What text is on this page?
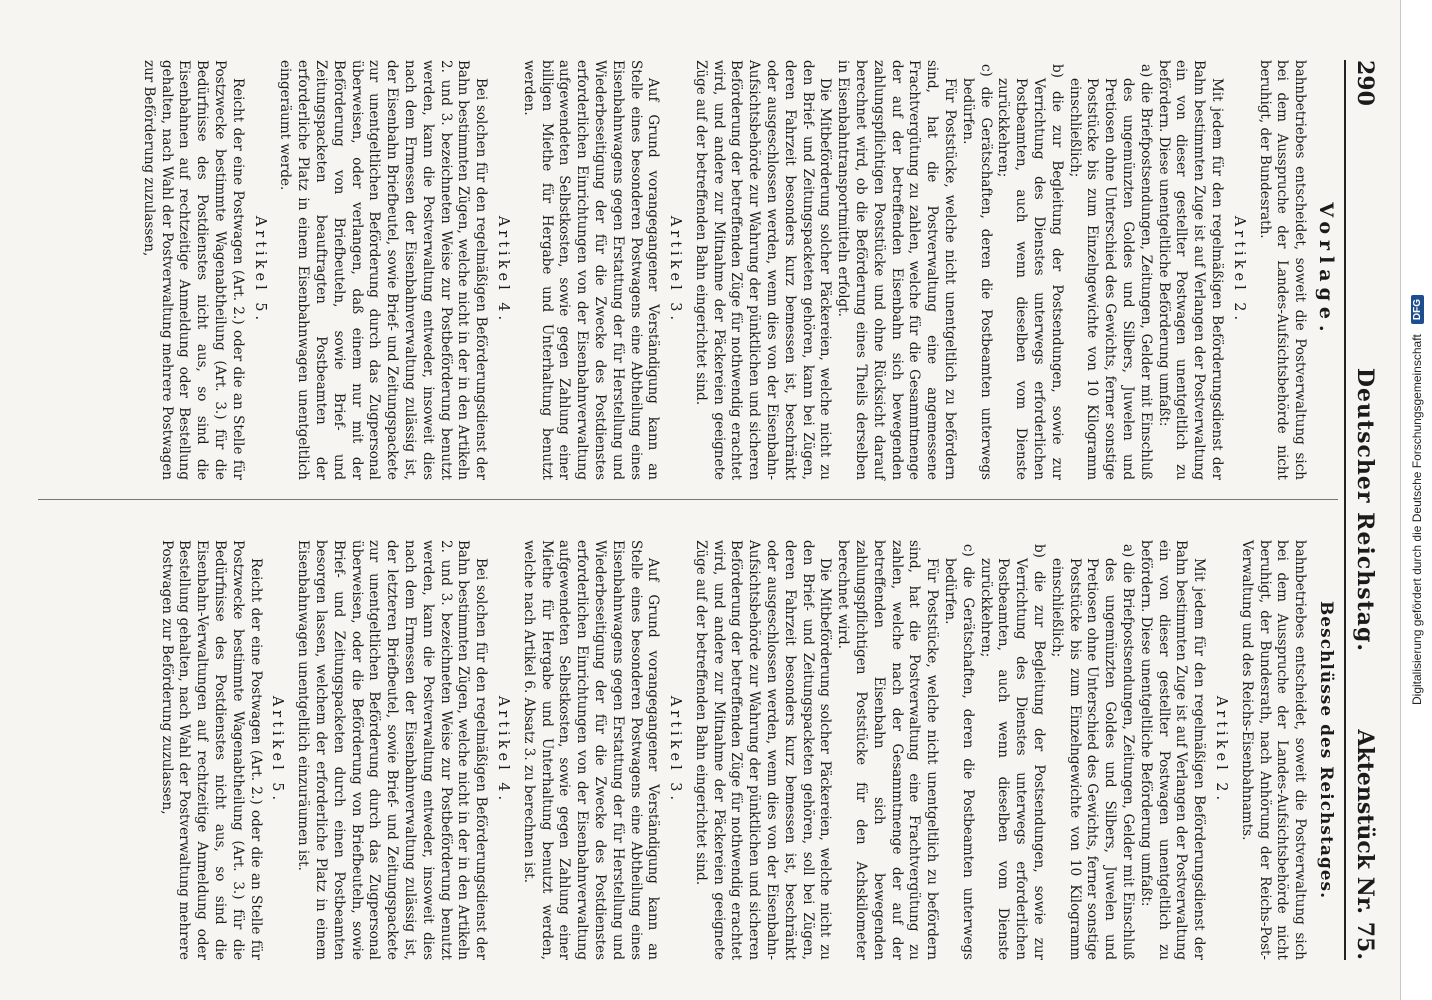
290
Deutscher Reichstag.
Aktenstück Nr. 75.
Vorlage.

bahnbetriebes entscheidet, soweit die Postverwaltung sich bei dem Ausspruche der Landes-Aufsichtsbehörde nicht beruhigt, der Bundesrath.

Artikel 2.

Mit jedem für den regelmäßigen Beförderungsdienst der Bahn bestimmten Zuge ist auf Verlangen der Postverwaltung ein von dieser gestellter Postwagen unentgeltlich zu befördern. Diese unentgeltliche Beförderung umfaßt:

a) die Briefpostsendungen, Zeitungen, Gelder mit Einschluß des ungemünzten Goldes und Silbers, Juwelen und Pretiosen ohne Unterschied des Gewichts, ferner sonstige Poststücke bis zum Einzelngewichte von 10 Kilogramm einschließlich;

b) die zur Begleitung der Postsendungen, sowie zur Verrichtung des Dienstes unterwegs erforderlichen Postbeamten, auch wenn dieselben vom Dienste zurückkehren;

c) die Gerätschaften, deren die Postbeamten unterwegs bedürfen.

Für Poststücke, welche nicht unentgeltlich zu befördern sind, hat die Postverwaltung eine angemessene Frachtvergütung zu zahlen, welche für die Gesammtmenge der auf der betreffenden Eisenbahn sich bewegenden zahlungspflichtigen Poststücke und ohne Rücksicht darauf berechnet wird, ob die Beförderung eines Theils derselben in Eisenbahntransportmitteln erfolgt.

Die Mitbeförderung solcher Päckereien, welche nicht zu den Brief- und Zeitungspacketen gehören, kann bei Zügen, deren Fahrzeit besonders kurz bemessen ist, beschränkt oder ausgeschlossen werden, wenn dies von der Eisenbahn-Aufsichtsbehörde zur Wahrung der pünktlichen und sicheren Beförderung der betreffenden Züge für nothwendig erachtet wird, und andere zur Mitnahme der Päckereien geeignete Züge auf der betreffenden Bahn eingerichtet sind.

Artikel 3.

Auf Grund vorangegangener Verständigung kann an Stelle eines besonderen Postwagens eine Abtheilung eines Eisenbahnwagens gegen Erstattung der für Herstellung und Wiederbeseitigung der für die Zwecke des Postdienstes erforderlichen Einrichtungen von der Eisenbahnverwaltung aufgewendeten Selbstkosten, sowie gegen Zahlung einer billigen Miethe für Hergabe und Unterhaltung benutzt werden.

Artikel 4.

Bei solchen für den regelmäßigen Beförderungsdienst der Bahn bestimmten Zügen, welche nicht in der in den Artikeln 2. und 3. bezeichneten Weise zur Postbeförderung benutzt werden, kann die Postverwaltung entweder, insoweit dies nach dem Ermessen der Eisenbahnverwaltung zulässig ist, der Eisenbahn Briefbeutel, sowie Brief- und Zeitungspackete zur unentgeltlichen Beförderung durch das Zugpersonal überweisen, oder verlangen, daß einem nur mit der Beförderung von Briefbeuteln, sowie Brief- und Zeitungspacketen beauftragten Postbeamten der erforderliche Platz in einem Eisenbahnwagen unentgeltlich eingeräumt werde.

Artikel 5.

Reicht der eine Postwagen (Art. 2.) oder die an Stelle für Postzwecke bestimmte Wagenabtheilung (Art. 3.) für die Bedürfnisse des Postdienstes nicht aus, so sind die Eisenbahnen auf rechtzeitige Anmeldung oder Bestellung gehalten, nach Wahl der Postverwaltung mehrere Postwagen zur Beförderung zuzulassen,

Beschlüsse des Reichstages.

bahnbetriebes entscheidet, soweit die Postverwaltung sich bei dem Ausspruche der Landes-Aufsichtsbehörde nicht beruhigt, der Bundesrath, nach Anhörung der Reichs-Post-Verwaltung und des Reichs-Eisenbahnamts.

Artikel 2.

Mit jedem für den regelmäßigen Beförderungsdienst der Bahn bestimmten Zuge ist auf Verlangen der Postverwaltung ein von dieser gestellter Postwagen unentgeltlich zu befördern. Diese unentgeltliche Beförderung umfaßt:

a) die Briefpostsendungen, Zeitungen, Gelder mit Einschluß des ungemünzten Goldes und Silbers, Juwelen und Pretiosen ohne Unterschied des Gewichts, ferner sonstige Poststücke bis zum Einzelngewichte von 10 Kilogramm einschließlich;

b) die zur Begleitung der Postsendungen, sowie zur Verrichtung des Dienstes unterwegs erforderlichen Postbeamten, auch wenn dieselben vom Dienste zurückkehren;

c) die Gerätschaften, deren die Postbeamten unterwegs bedürfen.

Für Poststücke, welche nicht unentgeltlich zu befördern sind, hat die Postverwaltung eine Frachtvergütung zu zahlen, welche nach der Gesammtmenge der auf der betreffenden Eisenbahn sich bewegenden zahlungspflichtigen Poststücke für den Achskilometer berechnet wird.

Die Mitbeförderung solcher Päckereien, welche nicht zu den Brief- und Zeitungspacketen gehören, soll bei Zügen, deren Fahrzeit besonders kurz bemessen ist, beschränkt oder ausgeschlossen werden, wenn dies von der Eisenbahn-Aufsichtsbehörde zur Wahrung der pünktlichen und sicheren Beförderung der betreffenden Züge für nothwendig erachtet wird, und andere zur Mitnahme der Päckereien geeignete Züge auf der betreffenden Bahn eingerichtet sind.

Artikel 3.

Auf Grund vorangegangener Verständigung kann an Stelle eines besonderen Postwagens eine Abtheilung eines Eisenbahnwagens gegen Erstattung der für Herstellung und Wiederbeseitigung der für die Zwecke des Postdienstes erforderlichen Einrichtungen von der Eisenbahnverwaltung aufgewendeten Selbstkosten, sowie gegen Zahlung einer Miethe für Hergabe und Unterhaltung benutzt werden, welche nach Artikel 6. Absatz 3. zu berechnen ist.

Artikel 4.

Bei solchen für den regelmäßigen Beförderungsdienst der Bahn bestimmten Zügen, welche nicht in der in den Artikeln 2. und 3. bezeichneten Weise zur Postbeförderung benutzt werden, kann die Postverwaltung entweder, insoweit dies nach dem Ermessen der Eisenbahnverwaltung zulässig ist, der letzteren Briefbeutel, sowie Brief- und Zeitungspackete zur unentgeltlichen Beförderung durch das Zugpersonal überweisen, oder die Beförderung von Briefbeuteln, sowie Brief- und Zeitungspacketen durch einen Postbeamten besorgen lassen, welchem der erforderliche Platz in einem Eisenbahnwagen unentgeltlich einzuräumen ist.

Artikel 5.

Reicht der eine Postwagen (Art. 2.) oder die an Stelle für Postzwecke bestimmte Wagenabtheilung (Art. 3.) für die Bedürfnisse des Postdienstes nicht aus, so sind die Eisenbahn-Verwaltungen auf rechtzeitige Anmeldung oder Bestellung gehalten, nach Wahl der Postverwaltung mehrere Postwagen zur Beförderung zuzulassen,	Digitalisierung gefördert durch die Deutsche Forschungsgemeinschaft
DFG
